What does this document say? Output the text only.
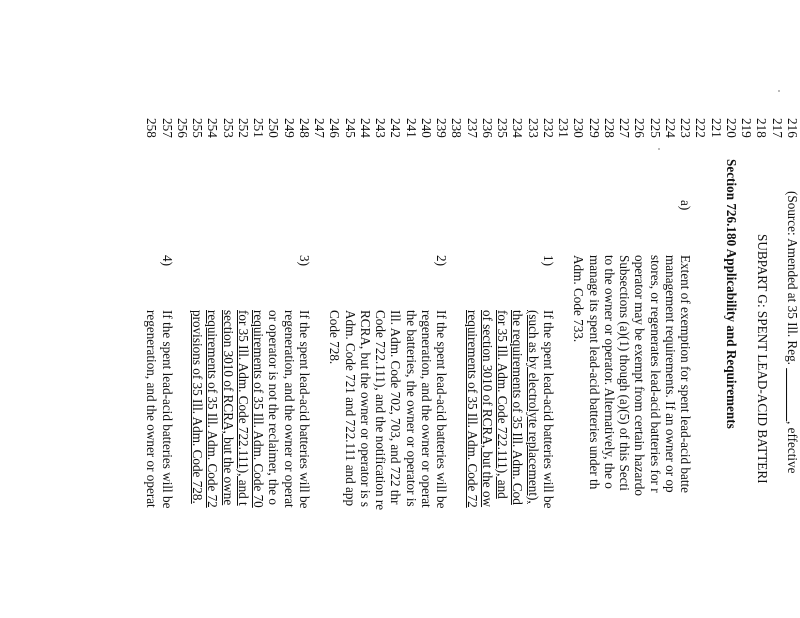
216
217
218
219
220
221
222
223
224
225
226
227
228
229
230
231
232
233
234
235
236
237
238
239
240
241
242
243
244
245
246
247
248
249
250
251
252
253
254
255
256
257
258
(Source: Amended at 35 Ill. Reg. ________, effective
SUBPART G: SPENT LEAD-ACID BATTERI
Section 726.180 Applicability and Requirements
a)
Extent of exemption for spent lead-acid batte
management requirements. If an owner or op
stores, or regenerates lead-acid batteries for r
operator may be exempt from certain hazardo
Subsections (a)(1) though (a)(5) of this Secti
to the owner or operator. Alternatively, the o
manage its spent lead-acid batteries under th
Adm. Code 733.
1)
If the spent lead-acid batteries will be
(such as by electrolyte replacement),
the requirements of 35 Ill. Adm. Cod
for 35 Ill. Adm. Code 722.111), and
of section 3010 of RCRA, but the ow
requirements of 35 Ill. Adm. Code 72
2)
If the spent lead-acid batteries will be
regeneration, and the owner or operat
the batteries, the owner or operator is
Ill. Adm. Code 702, 703, and 722 thr
Code 722.111), and the notification re
RCRA, but the owner or operator is s
Adm. Code 721 and 722.111 and app
Code 728.
3)
If the spent lead-acid batteries will be
regeneration, and the owner or operat
or operator is not the reclaimer, the o
requirements of 35 Ill. Adm. Code 70
for 35 Ill. Adm. Code 722.111), and t
section 3010 of RCRA, but the owne
requirements of 35 Ill. Adm. Code 72
provisions of 35 Ill. Adm. Code 728.
4)
If the spent lead-acid batteries will be
regeneration, and the owner or operat
